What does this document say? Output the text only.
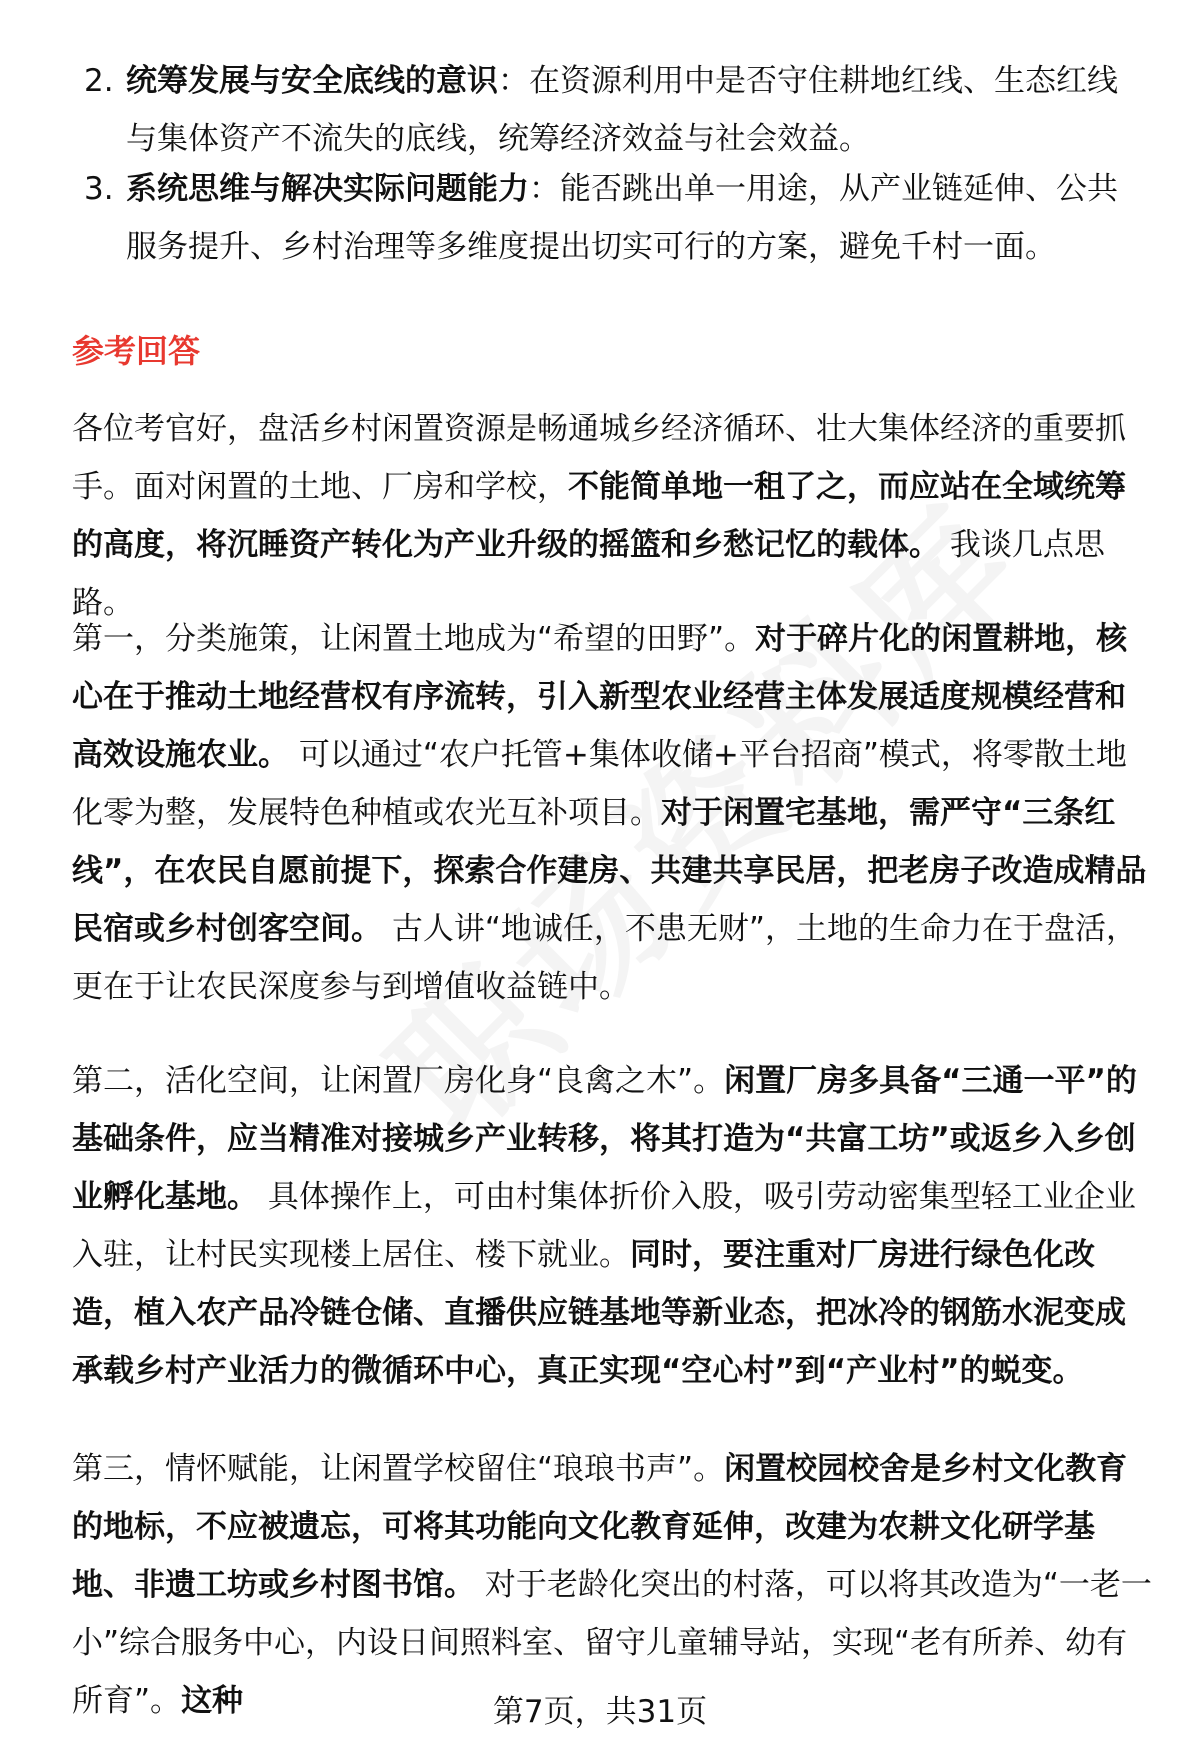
2. 统筹发展与安全底线的意识：在资源利用中是否守住耕地红线、生态红线与集体资产不流失的底线，统筹经济效益与社会效益。
3. 系统思维与解决实际问题能力：能否跳出单一用途，从产业链延伸、公共服务提升、乡村治理等多维度提出切实可行的方案，避免千村一面。
参考回答
各位考官好，盘活乡村闲置资源是畅通城乡经济循环、壮大集体经济的重要抓手。面对闲置的土地、厂房和学校，不能简单地一租了之，而应站在全域统筹的高度，将沉睡资产转化为产业升级的摇篮和乡愁记忆的载体。 我谈几点思路。
第一，分类施策，让闲置土地成为“希望的田野”。对于碎片化的闲置耕地，核心在于推动土地经营权有序流转，引入新型农业经营主体发展适度规模经营和高效设施农业。 可以通过“农户托管+集体收储+平台招商”模式，将零散土地化零为整，发展特色种植或农光互补项目。对于闲置宅基地，需严守“三条红线”，在农民自愿前提下，探索合作建房、共建共享民居，把老房子改造成精品民宿或乡村创客空间。 古人讲“地诚任，不患无财”，土地的生命力在于盘活，更在于让农民深度参与到增值收益链中。
第二，活化空间，让闲置厂房化身“良禽之木”。闲置厂房多具备“三通一平”的基础条件，应当精准对接城乡产业转移，将其打造为“共富工坊”或返乡入乡创业孵化基地。 具体操作上，可由村集体折价入股，吸引劳动密集型轻工业企业入驻，让村民实现楼上居住、楼下就业。同时，要注重对厂房进行绿色化改造，植入农产品冷链仓储、直播供应链基地等新业态，把冰冷的钢筋水泥变成承载乡村产业活力的微循环中心，真正实现“空心村”到“产业村”的蜕变。
第三，情怀赋能，让闲置学校留住“琅琅书声”。闲置校园校舍是乡村文化教育的地标，不应被遗忘，可将其功能向文化教育延伸，改建为农耕文化研学基地、非遗工坊或乡村图书馆。 对于老龄化突出的村落，可以将其改造为“一老一小”综合服务中心，内设日间照料室、留守儿童辅导站，实现“老有所养、幼有所育”。这种	第7页，共31页
